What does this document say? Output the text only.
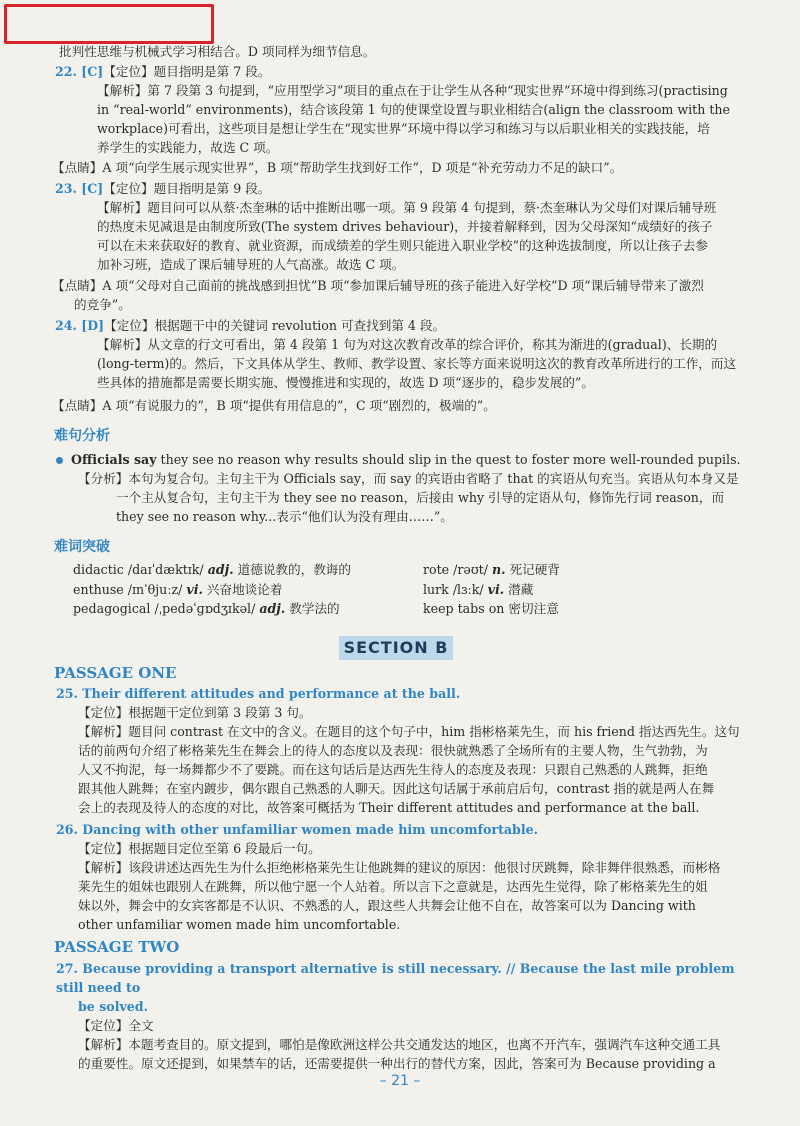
批判性思维与机械式学习相结合。D 项同样为细节信息。

22. [C]【定位】题目指明是第 7 段。

【解析】第 7 段第 3 句提到，“应用型学习”项目的重点在于让学生从各种“现实世界”环境中得到练习(practising

in “real-world” environments)，结合该段第 1 句的使课堂设置与职业相结合(align the classroom with the

workplace)可看出，这些项目是想让学生在“现实世界”环境中得以学习和练习与以后职业相关的实践技能，培

养学生的实践能力，故选 C 项。

【点睛】A 项“向学生展示现实世界”，B 项“帮助学生找到好工作”，D 项是“补充劳动力不足的缺口”。

23. [C]【定位】题目指明是第 9 段。

【解析】题目问可以从蔡·杰奎琳的话中推断出哪一项。第 9 段第 4 句提到，蔡·杰奎琳认为父母们对课后辅导班

的热度未见减退是由制度所致(The system drives behaviour)，并接着解释到，因为父母深知“成绩好的孩子

可以在未来获取好的教育、就业资源，而成绩差的学生则只能进入职业学校”的这种选拔制度，所以让孩子去参

加补习班，造成了课后辅导班的人气高涨。故选 C 项。

【点睛】A 项“父母对自己面前的挑战感到担忧”B 项“参加课后辅导班的孩子能进入好学校”D 项“课后辅导带来了激烈

的竞争”。

24. [D]【定位】根据题干中的关键词 revolution 可查找到第 4 段。

【解析】从文章的行文可看出，第 4 段第 1 句为对这次教育改革的综合评价，称其为渐进的(gradual)、长期的

(long-term)的。然后，下文具体从学生、教师、教学设置、家长等方面来说明这次的教育改革所进行的工作，而这

些具体的措施都是需要长期实施、慢慢推进和实现的，故选 D 项“逐步的，稳步发展的”。

【点睛】A 项“有说服力的”，B 项“提供有用信息的”，C 项“剧烈的，极端的”。

难句分析

Officials say they see no reason why results should slip in the quest to foster more well-rounded pupils.

【分析】本句为复合句。主句主干为 Officials say，而 say 的宾语由省略了 that 的宾语从句充当。宾语从句本身又是

一个主从复合句，主句主干为 they see no reason，后接由 why 引导的定语从句，修饰先行词 reason，而

they see no reason why...表示“他们认为没有理由……”。

难词突破
didactic /daɪˈdæktɪk/ adj. 道德说教的，教诲的
enthuse /ɪnˈθjuːz/ vi. 兴奋地谈论着
pedagogical /ˌpedəˈɡɒdʒɪkəl/ adj. 教学法的
rote /rəʊt/ n. 死记硬背
lurk /lɜːk/ vi. 潜藏
keep tabs on 密切注意
SECTION B
PASSAGE ONE

25. Their different attitudes and performance at the ball.

【定位】根据题干定位到第 3 段第 3 句。

【解析】题目问 contrast 在文中的含义。在题目的这个句子中，him 指彬格莱先生，而 his friend 指达西先生。这句

话的前两句介绍了彬格莱先生在舞会上的待人的态度以及表现：很快就熟悉了全场所有的主要人物，生气勃勃，为

人又不拘泥，每一场舞都少不了要跳。而在这句话后是达西先生待人的态度及表现：只跟自己熟悉的人跳舞，拒绝

跟其他人跳舞；在室内踱步，偶尔跟自己熟悉的人聊天。因此这句话属于承前启后句，contrast 指的就是两人在舞

会上的表现及待人的态度的对比，故答案可概括为 Their different attitudes and performance at the ball.

26. Dancing with other unfamiliar women made him uncomfortable.

【定位】根据题目定位至第 6 段最后一句。

【解析】该段讲述达西先生为什么拒绝彬格莱先生让他跳舞的建议的原因：他很讨厌跳舞，除非舞伴很熟悉，而彬格

莱先生的姐妹也跟别人在跳舞，所以他宁愿一个人站着。所以言下之意就是，达西先生觉得，除了彬格莱先生的姐

妹以外，舞会中的女宾客都是不认识、不熟悉的人，跟这些人共舞会让他不自在，故答案可以为 Dancing with

other unfamiliar women made him uncomfortable.

PASSAGE TWO

27. Because providing a transport alternative is still necessary. // Because the last mile problem still need to

be solved.

【定位】全文

【解析】本题考查目的。原文提到，哪怕是像欧洲这样公共交通发达的地区，也离不开汽车，强调汽车这种交通工具

的重要性。原文还提到，如果禁车的话，还需要提供一种出行的替代方案，因此，答案可为 Because providing a

– 21 –
